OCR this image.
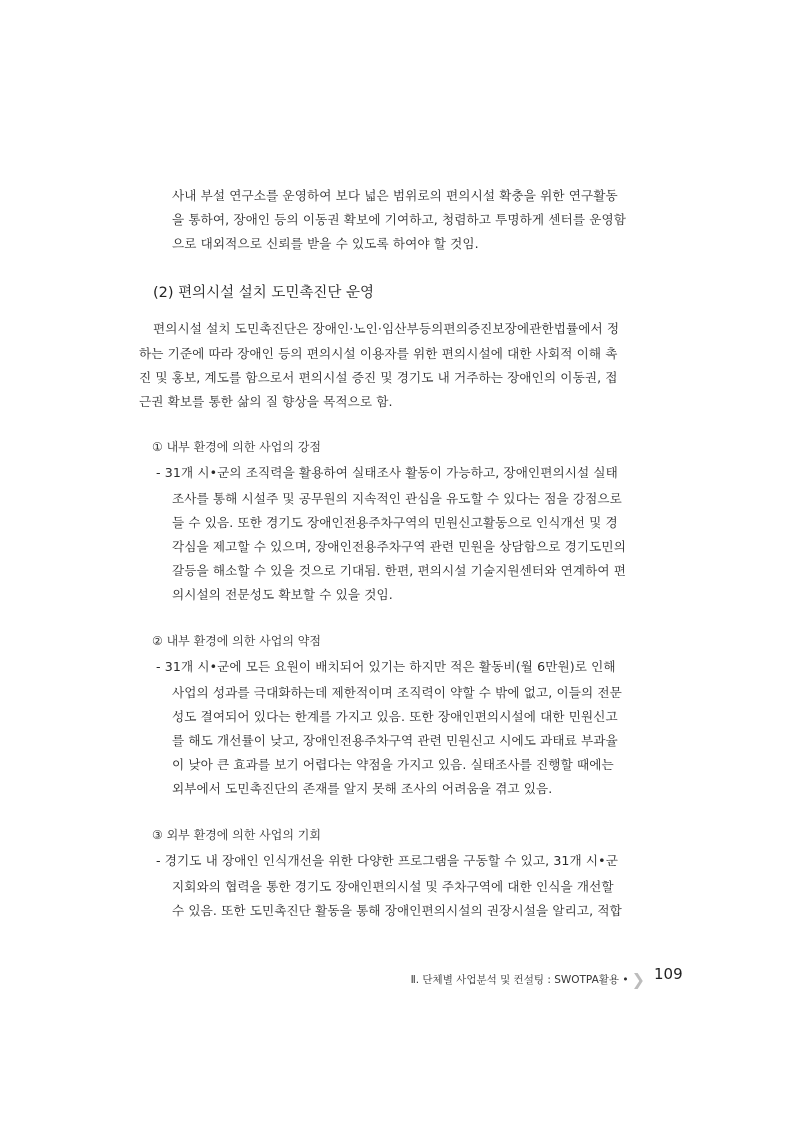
사내 부설 연구소를 운영하여 보다 넓은 범위로의 편의시설 확충을 위한 연구활동
을 통하여, 장애인 등의 이동권 확보에 기여하고, 청렴하고 투명하게 센터를 운영함
으로 대외적으로 신뢰를 받을 수 있도록 하여야 할 것임.
(2) 편의시설 설치 도민촉진단 운영
편의시설 설치 도민촉진단은 장애인·노인·임산부등의편의증진보장에관한법률에서 정
하는 기준에 따라 장애인 등의 편의시설 이용자를 위한 편의시설에 대한 사회적 이해 촉
진 및 홍보, 계도를 함으로서 편의시설 증진 및 경기도 내 거주하는 장애인의 이동권, 접
근권 확보를 통한 삶의 질 향상을 목적으로 함.
① 내부 환경에 의한 사업의 강점
- 31개 시•군의 조직력을 활용하여 실태조사 활동이 가능하고, 장애인편의시설 실태
조사를 통해 시설주 및 공무원의 지속적인 관심을 유도할 수 있다는 점을 강점으로
들 수 있음. 또한 경기도 장애인전용주차구역의 민원신고활동으로 인식개선 및 경
각심을 제고할 수 있으며, 장애인전용주차구역 관련 민원을 상담함으로 경기도민의
갈등을 해소할 수 있을 것으로 기대됨. 한편, 편의시설 기술지원센터와 연계하여 편
의시설의 전문성도 확보할 수 있을 것임.
② 내부 환경에 의한 사업의 약점
- 31개 시•군에 모든 요원이 배치되어 있기는 하지만 적은 활동비(월 6만원)로 인해
사업의 성과를 극대화하는데 제한적이며 조직력이 약할 수 밖에 없고, 이들의 전문
성도 결여되어 있다는 한계를 가지고 있음. 또한 장애인편의시설에 대한 민원신고
를 해도 개선률이 낮고, 장애인전용주차구역 관련 민원신고 시에도 과태료 부과율
이 낮아 큰 효과를 보기 어렵다는 약점을 가지고 있음. 실태조사를 진행할 때에는
외부에서 도민촉진단의 존재를 알지 못해 조사의 어려움을 겪고 있음.
③ 외부 환경에 의한 사업의 기회
- 경기도 내 장애인 인식개선을 위한 다양한 프로그램을 구동할 수 있고, 31개 시•군
지회와의 협력을 통한 경기도 장애인편의시설 및 주차구역에 대한 인식을 개선할
수 있음. 또한 도민촉진단 활동을 통해 장애인편의시설의 권장시설을 알리고, 적합
Ⅱ. 단체별 사업분석 및 컨설팅 : SWOTPA활용 • ❯ 109
